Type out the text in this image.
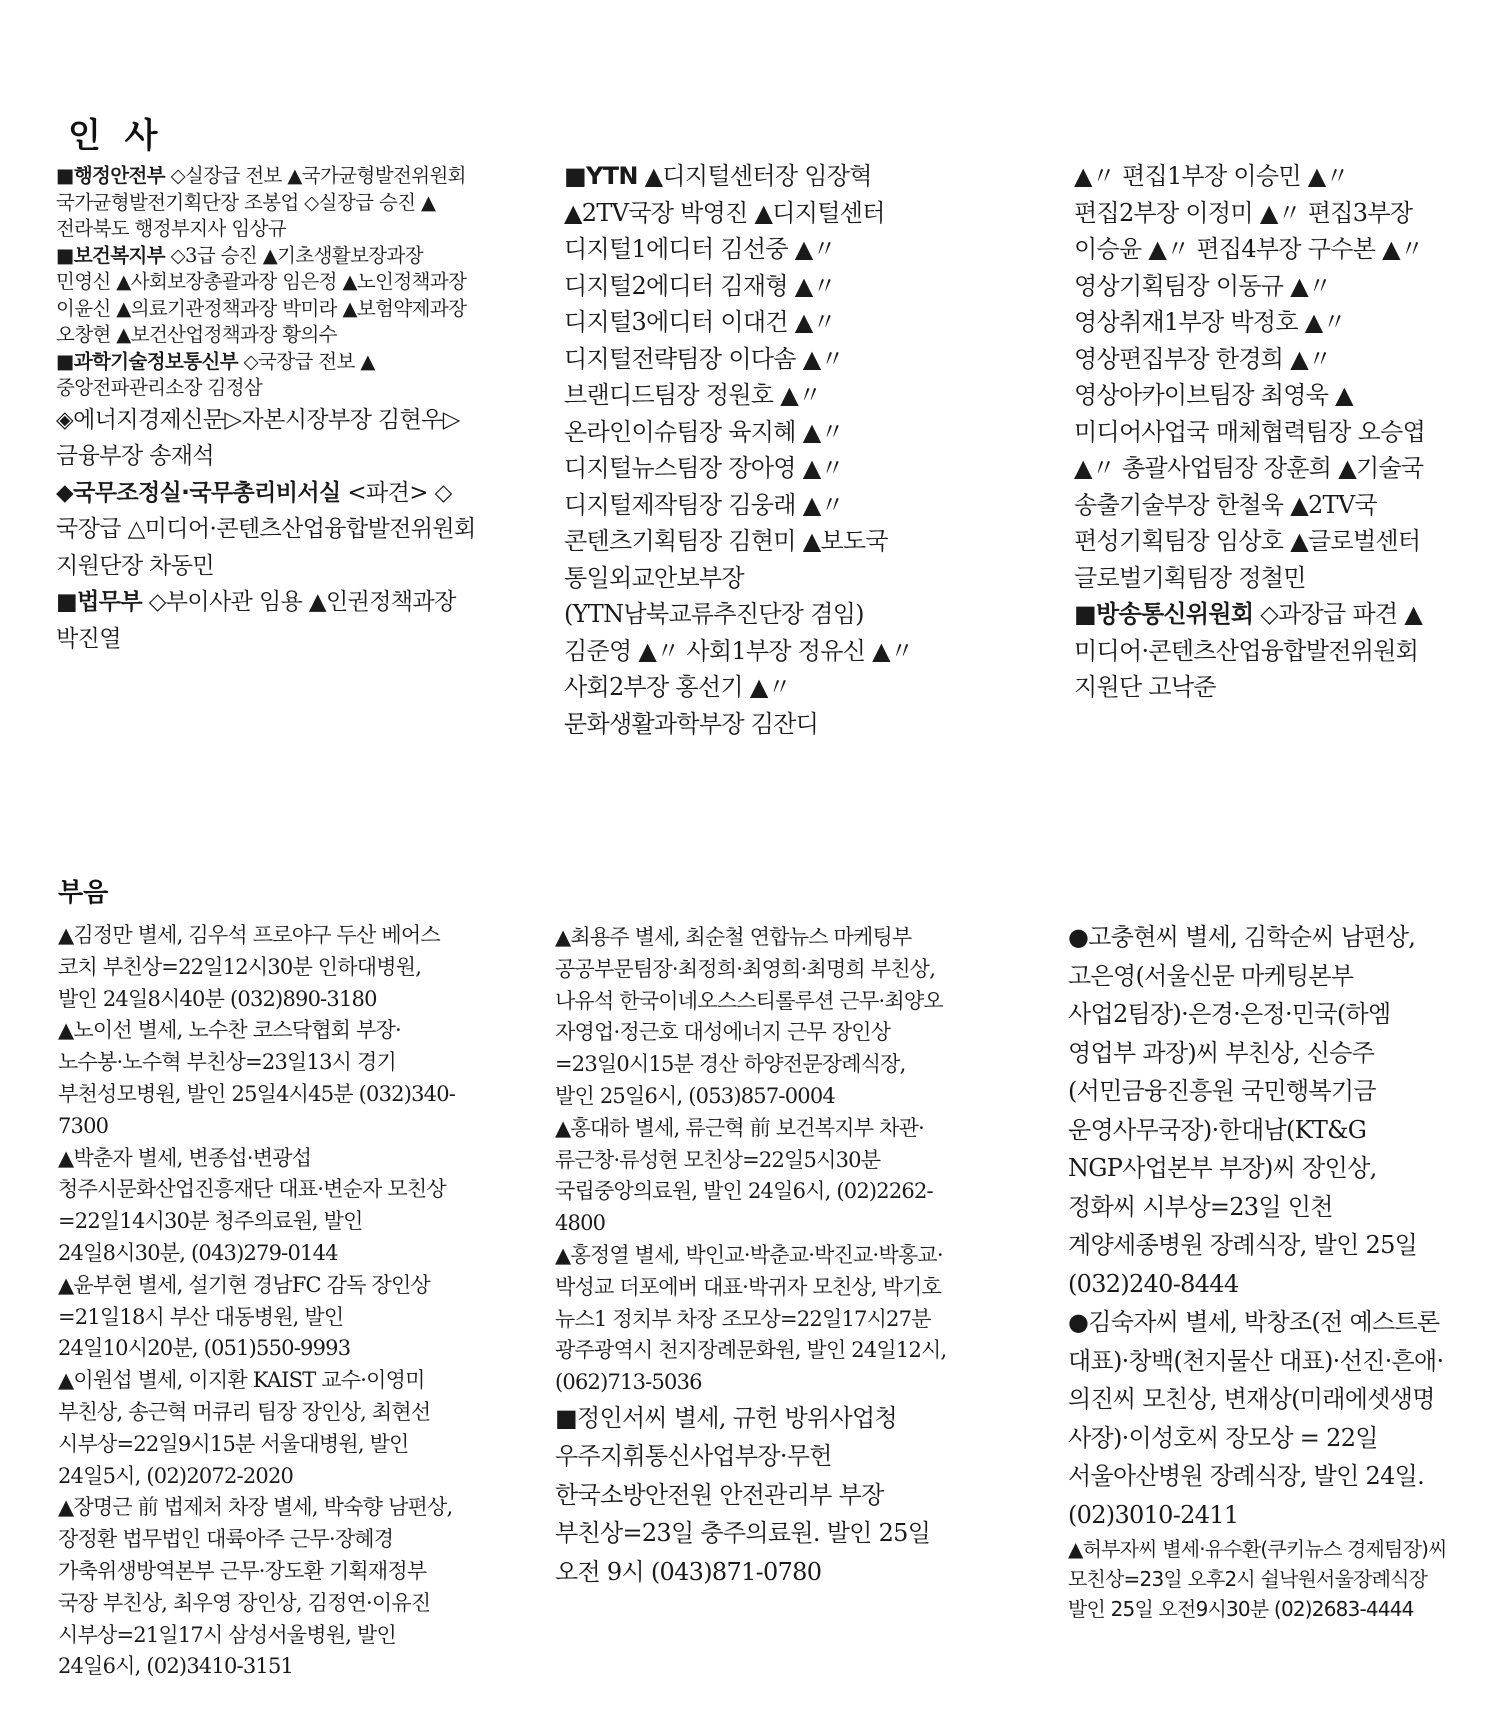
인 사

■행정안전부 ◇실장급 전보 ▲국가균형발전위원회 국가균형발전기획단장 조봉업 ◇실장급 승진 ▲전라북도 행정부지사 임상규

■보건복지부 ◇3급 승진 ▲기초생활보장과장 민영신 ▲사회보장총괄과장 임은정 ▲노인정책과장 이윤신 ▲의료기관정책과장 박미라 ▲보험약제과장 오창현 ▲보건산업정책과장 황의수

■과학기술정보통신부 ◇국장급 전보 ▲중앙전파관리소장 김정삼

◈에너지경제신문▷자본시장부장 김현우▷금융부장 송재석

◆국무조정실·국무총리비서실 <파견> ◇국장급 △미디어·콘텐츠산업융합발전위원회 지원단장 차동민

■법무부 ◇부이사관 임용 ▲인권정책과장 박진열

■YTN ▲디지털센터장 임장혁 ▲2TV국장 박영진 ▲디지털센터 디지털1에디터 김선중 ▲〃 디지털2에디터 김재형 ▲〃 디지털3에디터 이대건 ▲〃 디지털전략팀장 이다솜 ▲〃 브랜디드팀장 정원호 ▲〃 온라인이슈팀장 육지혜 ▲〃 디지털뉴스팀장 장아영 ▲〃 디지털제작팀장 김웅래 ▲〃 콘텐츠기획팀장 김현미 ▲보도국 통일외교안보부장(YTN남북교류추진단장 겸임) 김준영 ▲〃 사회1부장 정유신 ▲〃 사회2부장 홍선기 ▲〃 문화생활과학부장 김잔디

▲〃 편집1부장 이승민 ▲〃 편집2부장 이정미 ▲〃 편집3부장 이승윤 ▲〃 편집4부장 구수본 ▲〃 영상기획팀장 이동규 ▲〃 영상취재1부장 박정호 ▲〃 영상편집부장 한경희 ▲〃 영상아카이브팀장 최영욱 ▲미디어사업국 매체협력팀장 오승엽 ▲〃 총괄사업팀장 장훈희 ▲기술국 송출기술부장 한철욱 ▲2TV국 편성기획팀장 임상호 ▲글로벌센터 글로벌기획팀장 정철민

■방송통신위원회 ◇과장급 파견 ▲미디어·콘텐츠산업융합발전위원회 지원단 고낙준

부음

▲김정만 별세, 김우석 프로야구 두산 베어스 코치 부친상=22일12시30분 인하대병원, 발인 24일8시40분 (032)890-3180

▲노이선 별세, 노수찬 코스닥협회 부장·노수봉·노수혁 부친상=23일13시 경기 부천성모병원, 발인 25일4시45분 (032)340-7300

▲박춘자 별세, 변종섭·변광섭 청주시문화산업진흥재단 대표·변순자 모친상=22일14시30분 청주의료원, 발인 24일8시30분, (043)279-0144

▲윤부현 별세, 설기현 경남FC 감독 장인상=21일18시 부산 대동병원, 발인 24일10시20분, (051)550-9993

▲이원섭 별세, 이지환 KAIST 교수·이영미 부친상, 송근혁 머큐리 팀장 장인상, 최현선 시부상=22일9시15분 서울대병원, 발인 24일5시, (02)2072-2020

▲장명근 前 법제처 차장 별세, 박숙향 남편상, 장정환 법무법인 대륙아주 근무·장혜경 가축위생방역본부 근무·장도환 기획재정부 국장 부친상, 최우영 장인상, 김정연·이유진 시부상=21일17시 삼성서울병원, 발인 24일6시, (02)3410-3151

▲최용주 별세, 최순철 연합뉴스 마케팅부 공공부문팀장·최정희·최영희·최명희 부친상, 나유석 한국이네오스스티롤루션 근무·최양오 자영업·정근호 대성에너지 근무 장인상=23일0시15분 경산 하양전문장례식장, 발인 25일6시, (053)857-0004

▲홍대하 별세, 류근혁 前 보건복지부 차관·류근창·류성현 모친상=22일5시30분 국립중앙의료원, 발인 24일6시, (02)2262-4800

▲홍정열 별세, 박인교·박춘교·박진교·박홍교·박성교 더포에버 대표·박귀자 모친상, 박기호 뉴스1 정치부 차장 조모상=22일17시27분 광주광역시 천지장례문화원, 발인 24일12시, (062)713-5036

■정인서씨 별세, 규헌 방위사업청 우주지휘통신사업부장·무헌 한국소방안전원 안전관리부 부장 부친상=23일 충주의료원. 발인 25일 오전 9시 (043)871-0780

●고충현씨 별세, 김학순씨 남편상, 고은영(서울신문 마케팅본부 사업2팀장)·은경·은정·민국(하엠 영업부 과장)씨 부친상, 신승주(서민금융진흥원 국민행복기금 운영사무국장)·한대남(KT&G NGP사업본부 부장)씨 장인상, 정화씨 시부상=23일 인천 계양세종병원 장례식장, 발인 25일 (032)240-8444

●김숙자씨 별세, 박창조(전 예스트론 대표)·창백(천지물산 대표)·선진·흔애·의진씨 모친상, 변재상(미래에셋생명 사장)·이성호씨 장모상 = 22일 서울아산병원 장례식장, 발인 24일. (02)3010-2411

▲허부자씨 별세·유수환(쿠키뉴스 경제팀장)씨 모친상=23일 오후2시 쉴낙원서울장례식장 발인 25일 오전9시30분 (02)2683-4444
